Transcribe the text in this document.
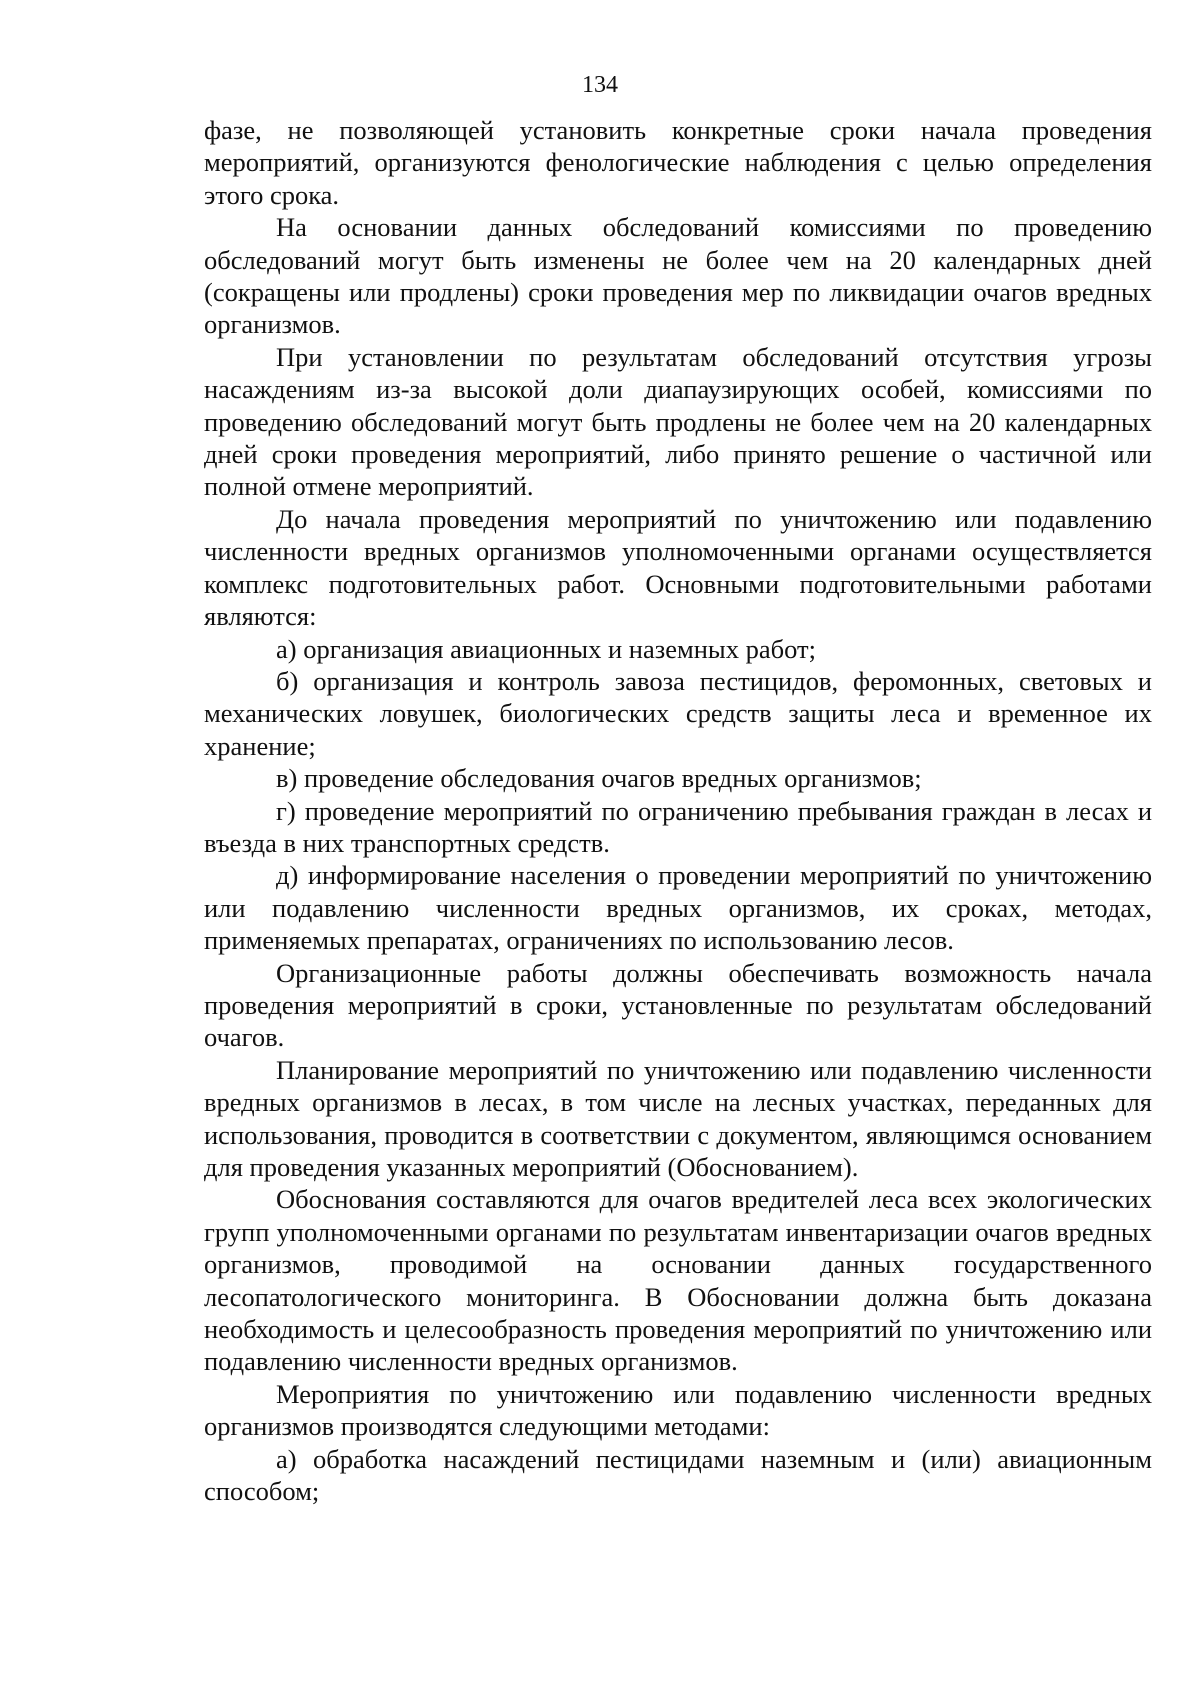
134

фазе, не позволяющей установить конкретные сроки начала проведения мероприятий, организуются фенологические наблюдения с целью определения этого срока.

На основании данных обследований комиссиями по проведению обследований могут быть изменены не более чем на 20 календарных дней (сокращены или продлены) сроки проведения мер по ликвидации очагов вредных организмов.

При установлении по результатам обследований отсутствия угрозы насаждениям из-за высокой доли диапаузирующих особей, комиссиями по проведению обследований могут быть продлены не более чем на 20 календарных дней сроки проведения мероприятий, либо принято решение о частичной или полной отмене мероприятий.

До начала проведения мероприятий по уничтожению или подавлению численности вредных организмов уполномоченными органами осуществляется комплекс подготовительных работ. Основными подготовительными работами являются:

а) организация авиационных и наземных работ;

б) организация и контроль завоза пестицидов, феромонных, световых и механических ловушек, биологических средств защиты леса и временное их хранение;

в) проведение обследования очагов вредных организмов;

г) проведение мероприятий по ограничению пребывания граждан в лесах и въезда в них транспортных средств.

д) информирование населения о проведении мероприятий по уничтожению или подавлению численности вредных организмов, их сроках, методах, применяемых препаратах, ограничениях по использованию лесов.

Организационные работы должны обеспечивать возможность начала проведения мероприятий в сроки, установленные по результатам обследований очагов.

Планирование мероприятий по уничтожению или подавлению численности вредных организмов в лесах, в том числе на лесных участках, переданных для использования, проводится в соответствии с документом, являющимся основанием для проведения указанных мероприятий (Обоснованием).

Обоснования составляются для очагов вредителей леса всех экологических групп уполномоченными органами по результатам инвентаризации очагов вредных организмов, проводимой на основании данных государственного лесопатологического мониторинга. В Обосновании должна быть доказана необходимость и целесообразность проведения мероприятий по уничтожению или подавлению численности вредных организмов.

Мероприятия по уничтожению или подавлению численности вредных организмов производятся следующими методами:

а) обработка насаждений пестицидами наземным и (или) авиационным способом;
